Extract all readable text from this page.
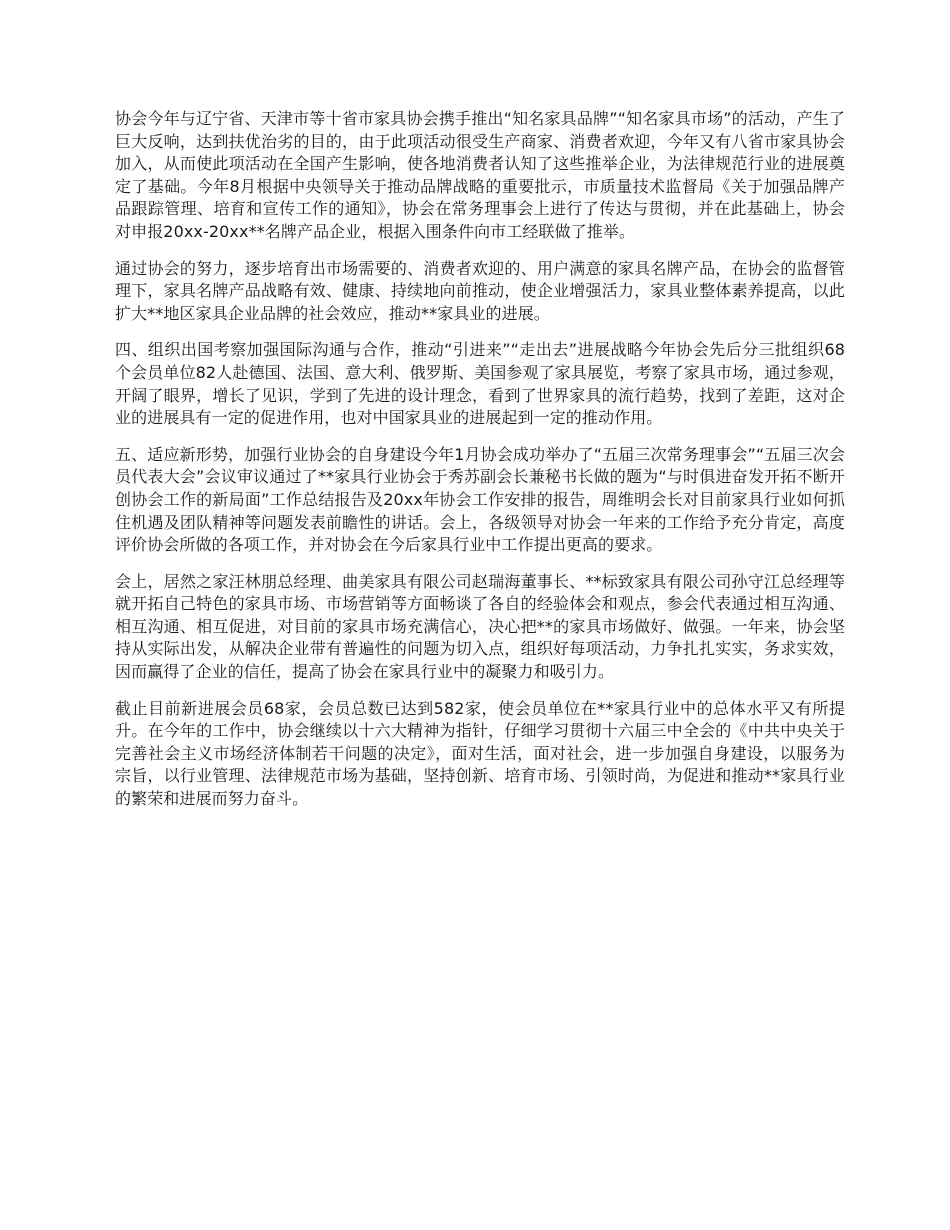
协会今年与辽宁省、天津市等十省市家具协会携手推出“知名家具品牌”“知名家具市场”的活动，产生了巨大反响，达到扶优治劣的目的，由于此项活动很受生产商家、消费者欢迎，今年又有八省市家具协会加入，从而使此项活动在全国产生影响，使各地消费者认知了这些推举企业，为法律规范行业的进展奠定了基础。今年8月根据中央领导关于推动品牌战略的重要批示，市质量技术监督局《关于加强品牌产品跟踪管理、培育和宣传工作的通知》，协会在常务理事会上进行了传达与贯彻，并在此基础上，协会对申报20xx-20xx**名牌产品企业，根据入围条件向市工经联做了推举。

通过协会的努力，逐步培育出市场需要的、消费者欢迎的、用户满意的家具名牌产品，在协会的监督管理下，家具名牌产品战略有效、健康、持续地向前推动，使企业增强活力，家具业整体素养提高，以此扩大**地区家具企业品牌的社会效应，推动**家具业的进展。

四、组织出国考察加强国际沟通与合作，推动“引进来”“走出去”进展战略今年协会先后分三批组织68个会员单位82人赴德国、法国、意大利、俄罗斯、美国参观了家具展览，考察了家具市场，通过参观，开阔了眼界，增长了见识，学到了先进的设计理念，看到了世界家具的流行趋势，找到了差距，这对企业的进展具有一定的促进作用，也对中国家具业的进展起到一定的推动作用。

五、适应新形势，加强行业协会的自身建设今年1月协会成功举办了“五届三次常务理事会”“五届三次会员代表大会”会议审议通过了**家具行业协会于秀苏副会长兼秘书长做的题为“与时俱进奋发开拓不断开创协会工作的新局面”工作总结报告及20xx年协会工作安排的报告，周维明会长对目前家具行业如何抓住机遇及团队精神等问题发表前瞻性的讲话。会上，各级领导对协会一年来的工作给予充分肯定，高度评价协会所做的各项工作，并对协会在今后家具行业中工作提出更高的要求。

会上，居然之家汪林朋总经理、曲美家具有限公司赵瑞海董事长、**标致家具有限公司孙守江总经理等就开拓自己特色的家具市场、市场营销等方面畅谈了各自的经验体会和观点，参会代表通过相互沟通、相互沟通、相互促进，对目前的家具市场充满信心，决心把**的家具市场做好、做强。一年来，协会坚持从实际出发，从解决企业带有普遍性的问题为切入点，组织好每项活动，力争扎扎实实，务求实效，因而赢得了企业的信任，提高了协会在家具行业中的凝聚力和吸引力。

截止目前新进展会员68家，会员总数已达到582家，使会员单位在**家具行业中的总体水平又有所提升。在今年的工作中，协会继续以十六大精神为指针，仔细学习贯彻十六届三中全会的《中共中央关于完善社会主义市场经济体制若干问题的决定》，面对生活，面对社会，进一步加强自身建设，以服务为宗旨，以行业管理、法律规范市场为基础，坚持创新、培育市场、引领时尚，为促进和推动**家具行业的繁荣和进展而努力奋斗。
